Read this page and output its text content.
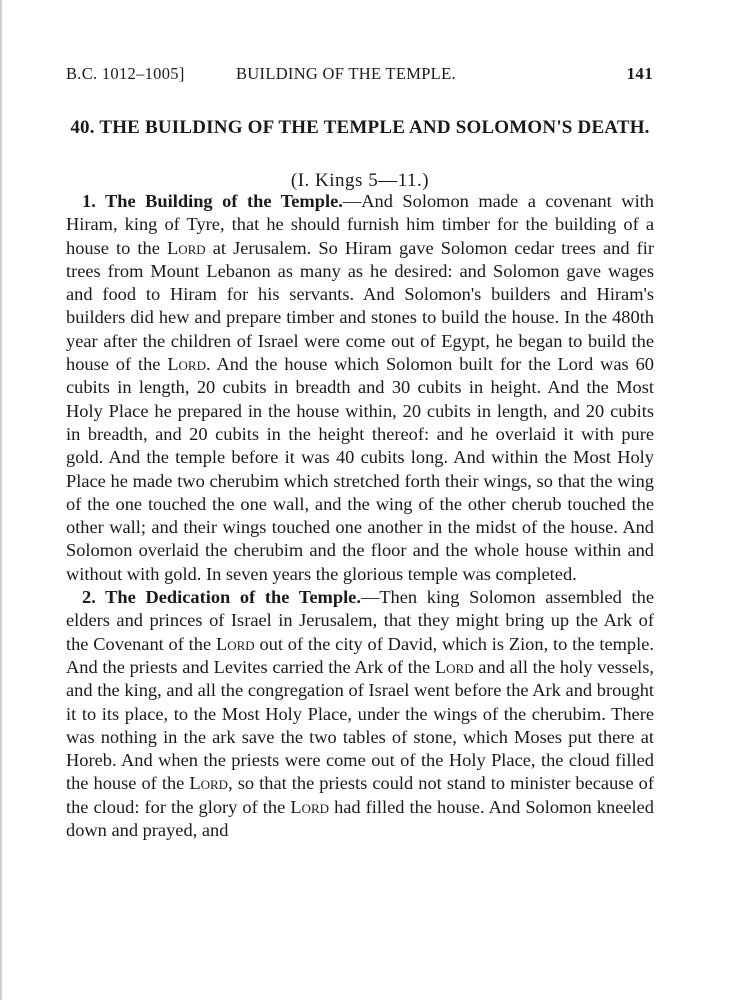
B.C. 1012–1005]	BUILDING OF THE TEMPLE.	141
40. THE BUILDING OF THE TEMPLE AND SOLOMON'S DEATH.
(I. Kings 5—11.)

1. The Building of the Temple.—And Solomon made a covenant with Hiram, king of Tyre, that he should furnish him timber for the building of a house to the Lord at Jerusalem. So Hiram gave Solomon cedar trees and fir trees from Mount Lebanon as many as he desired: and Solomon gave wages and food to Hiram for his servants. And Solomon's builders and Hiram's builders did hew and prepare timber and stones to build the house. In the 480th year after the children of Israel were come out of Egypt, he began to build the house of the Lord. And the house which Solomon built for the Lord was 60 cubits in length, 20 cubits in breadth and 30 cubits in height. And the Most Holy Place he prepared in the house within, 20 cubits in length, and 20 cubits in breadth, and 20 cubits in the height thereof: and he overlaid it with pure gold. And the temple before it was 40 cubits long. And within the Most Holy Place he made two cherubim which stretched forth their wings, so that the wing of the one touched the one wall, and the wing of the other cherub touched the other wall; and their wings touched one another in the midst of the house. And Solomon overlaid the cherubim and the floor and the whole house within and without with gold. In seven years the glorious temple was completed.

2. The Dedication of the Temple.—Then king Solomon assembled the elders and princes of Israel in Jerusalem, that they might bring up the Ark of the Covenant of the Lord out of the city of David, which is Zion, to the temple. And the priests and Levites carried the Ark of the Lord and all the holy vessels, and the king, and all the congregation of Israel went before the Ark and brought it to its place, to the Most Holy Place, under the wings of the cherubim. There was nothing in the ark save the two tables of stone, which Moses put there at Horeb. And when the priests were come out of the Holy Place, the cloud filled the house of the Lord, so that the priests could not stand to minister because of the cloud: for the glory of the Lord had filled the house. And Solomon kneeled down and prayed, and
